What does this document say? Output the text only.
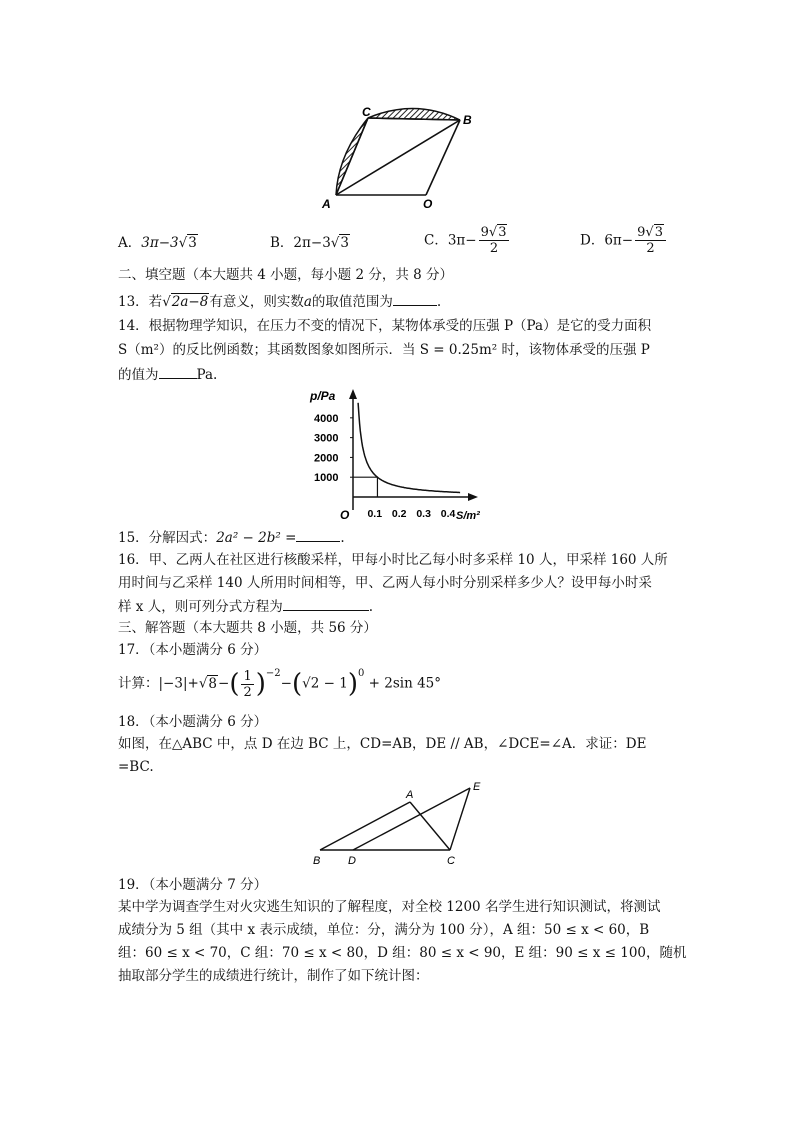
C
B
A	O
A．3π−3√3	B．2π−3√3	C．$3\pi- \frac{9√3}{2}$	D．$6\pi- \frac{9√3}{2}$
二、填空题（本大题共 4 小题，每小题 2 分，共 8 分）
13．若√2a−8有意义，则实数a的取值范围为	.
14．根据物理学知识，在压力不变的情况下，某物体承受的压强 P（Pa）是它的受力面积
S（m²）的反比例函数；其函数图象如图所示．当 S = 0.25m² 时，该物体承受的压强 P
的值为	Pa.
p/Pa
S/m²
O
4000
3000
2000
1000
0.1 0.2 0.3 0.4
15．分解因式：2a² − 2b² =	.
16．甲、乙两人在社区进行核酸采样，甲每小时比乙每小时多采样 10 人，甲采样 160 人所
用时间与乙采样 140 人所用时间相等，甲、乙两人每小时分别采样多少人？设甲每小时采
样 x 人，则可列分式方程为	.
三、解答题（本大题共 8 小题，共 56 分）
17．（本小题满分 6 分）
计算：$|-3|+√8-( \frac{1}{2} )^{-2}-(√2 - 1)^0 + 2\sin$ 45°
18．（本小题满分 6 分）
如图，在△ABC 中，点 D 在边 BC 上，CD=AB，DE // AB，∠DCE=∠A．求证：DE
=BC.
A
E
B	D	C
19．（本小题满分 7 分）
某中学为调查学生对火灾逃生知识的了解程度，对全校 1200 名学生进行知识测试，将测试
成绩分为 5 组（其中 x 表示成绩，单位：分，满分为 100 分），A 组：50 ≤ x < 60，B
组：60 ≤ x < 70，C 组：70 ≤ x < 80，D 组：80 ≤ x < 90，E 组：90 ≤ x ≤ 100，随机
抽取部分学生的成绩进行统计，制作了如下统计图：
